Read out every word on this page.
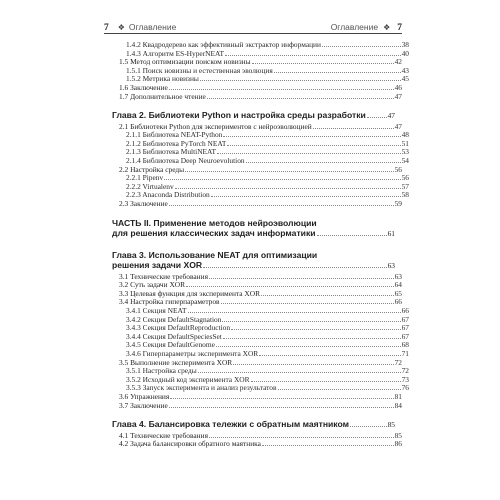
7 ❖ Оглавление	Оглавление ❖ 7
1.4.2 Квадродерево как эффективный экстрактор информации	38
1.4.3 Алгоритм ES-HyperNEAT	40
1.5 Метод оптимизации поиском новизны	42
1.5.1 Поиск новизны и естественная эволюция	43
1.5.2 Метрика новизны	45
1.6 Заключение	46
1.7 Дополнительное чтение	47
Глава 2. Библиотеки Python и настройка среды разработки	47
2.1 Библиотеки Python для экспериментов с нейроэволюцией	47
2.1.1 Библиотека NEAT-Python	48
2.1.2 Библиотека PyTorch NEAT	51
2.1.3 Библиотека MultiNEAT	53
2.1.4 Библиотека Deep Neuroevolution	54
2.2 Настройка среды	56
2.2.1 Pipenv	56
2.2.2 Virtualenv	57
2.2.3 Anaconda Distribution	58
2.3 Заключение	59
ЧАСТЬ II. Применение методов нейроэволюции
для решения классических задач информатики	61
Глава 3. Использование NEAT для оптимизации
решения задачи XOR	63
3.1 Технические требования	63
3.2 Суть задачи XOR	64
3.3 Целевая функция для эксперимента XOR	65
3.4 Настройка гиперпараметров	66
3.4.1 Секция NEAT	66
3.4.2 Секция DefaultStagnation	67
3.4.3 Секция DefaultReproduction	67
3.4.4 Секция DefaultSpeciesSet	67
3.4.5 Секция DefaultGenome	68
3.4.6 Гиперпараметры эксперимента XOR	71
3.5 Выполнение эксперимента XOR	72
3.5.1 Настройка среды	72
3.5.2 Исходный код эксперимента XOR	73
3.5.3 Запуск эксперимента и анализ результатов	76
3.6 Упражнения	81
3.7 Заключение	84
Глава 4. Балансировка тележки с обратным маятником	85
4.1 Технические требования	85
4.2 Задача балансировки обратного маятника	86
